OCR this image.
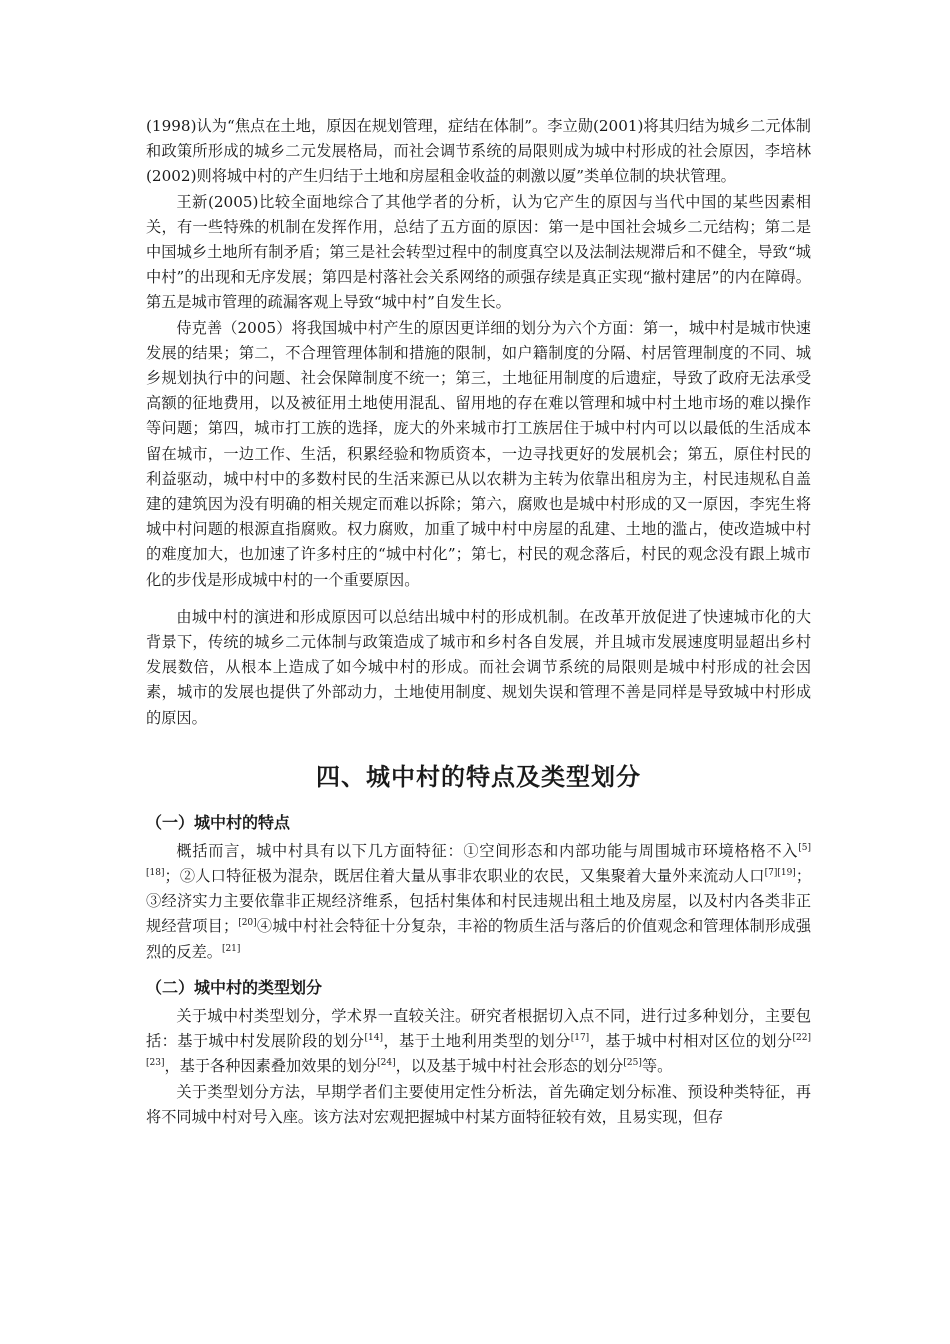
(1998)认为“焦点在土地，原因在规划管理，症结在体制”。李立勋(2001)将其归结为城乡二元体制和政策所形成的城乡二元发展格局，而社会调节系统的局限则成为城中村形成的社会原因，李培林(2002)则将城中村的产生归结于土地和房屋租金收益的刺激以厦”类单位制的块状管理。

王新(2005)比较全面地综合了其他学者的分析，认为它产生的原因与当代中国的某些因素相关，有一些特殊的机制在发挥作用，总结了五方面的原因：第一是中国社会城乡二元结构；第二是中国城乡土地所有制矛盾；第三是社会转型过程中的制度真空以及法制法规滞后和不健全，导致“城中村”的出现和无序发展；第四是村落社会关系网络的顽强存续是真正实现“撤村建居”的内在障碍。第五是城市管理的疏漏客观上导致“城中村”自发生长。

侍克善（2005）将我国城中村产生的原因更详细的划分为六个方面：第一，城中村是城市快速发展的结果；第二，不合理管理体制和措施的限制，如户籍制度的分隔、村居管理制度的不同、城乡规划执行中的问题、社会保障制度不统一；第三，土地征用制度的后遗症，导致了政府无法承受高额的征地费用，以及被征用土地使用混乱、留用地的存在难以管理和城中村土地市场的难以操作等问题；第四，城市打工族的选择，庞大的外来城市打工族居住于城中村内可以以最低的生活成本留在城市，一边工作、生活，积累经验和物质资本，一边寻找更好的发展机会；第五，原住村民的利益驱动，城中村中的多数村民的生活来源已从以农耕为主转为依靠出租房为主，村民违规私自盖建的建筑因为没有明确的相关规定而难以拆除；第六，腐败也是城中村形成的又一原因，李宪生将城中村问题的根源直指腐败。权力腐败，加重了城中村中房屋的乱建、土地的滥占，使改造城中村的难度加大，也加速了许多村庄的“城中村化”；第七，村民的观念落后，村民的观念没有跟上城市化的步伐是形成城中村的一个重要原因。

由城中村的演进和形成原因可以总结出城中村的形成机制。在改革开放促进了快速城市化的大背景下，传统的城乡二元体制与政策造成了城市和乡村各自发展，并且城市发展速度明显超出乡村发展数倍，从根本上造成了如今城中村的形成。而社会调节系统的局限则是城中村形成的社会因素，城市的发展也提供了外部动力，土地使用制度、规划失误和管理不善是同样是导致城中村形成的原因。

四、城中村的特点及类型划分
（一）城中村的特点

概括而言，城中村具有以下几方面特征：①空间形态和内部功能与周围城市环境格格不入[5][18]；②人口特征极为混杂，既居住着大量从事非农职业的农民，又集聚着大量外来流动人口[7][19]；③经济实力主要依靠非正规经济维系，包括村集体和村民违规出租土地及房屋，以及村内各类非正规经营项目；[20]④城中村社会特征十分复杂，丰裕的物质生活与落后的价值观念和管理体制形成强烈的反差。[21]

（二）城中村的类型划分

关于城中村类型划分，学术界一直较关注。研究者根据切入点不同，进行过多种划分，主要包括：基于城中村发展阶段的划分[14]，基于土地利用类型的划分[17]，基于城中村相对区位的划分[22][23]，基于各种因素叠加效果的划分[24]，以及基于城中村社会形态的划分[25]等。

关于类型划分方法，早期学者们主要使用定性分析法，首先确定划分标准、预设种类特征，再将不同城中村对号入座。该方法对宏观把握城中村某方面特征较有效，且易实现，但存
